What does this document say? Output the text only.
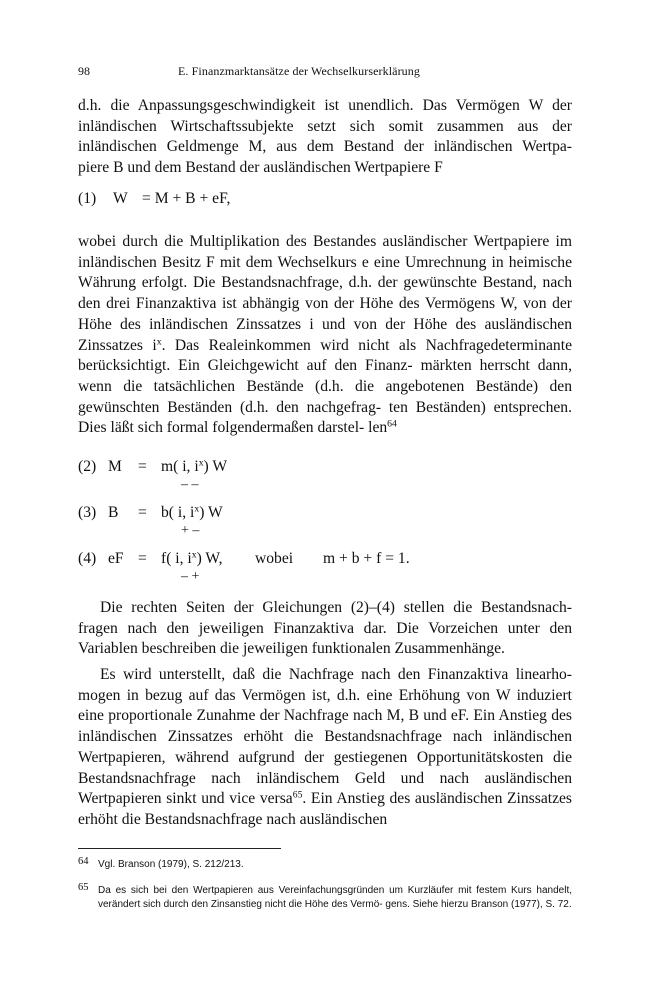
98	E. Finanzmarktansätze der Wechselkurserklärung
d.h. die Anpassungsgeschwindigkeit ist unendlich. Das Vermögen W der
inländischen Wirtschaftssubjekte setzt sich somit zusammen aus der
inländischen Geldmenge M, aus dem Bestand der inländischen Wertpa-
piere B und dem Bestand der ausländischen Wertpapiere F
(1) W = M + B + eF,

wobei durch die Multiplikation des Bestandes ausländischer Wertpapiere im inländischen Besitz F mit dem Wechselkurs e eine Umrechnung in heimische Währung erfolgt. Die Bestandsnachfrage, d.h. der gewünschte Bestand, nach den drei Finanzaktiva ist abhängig von der Höhe des Vermögens W, von der Höhe des inländischen Zinssatzes i und von der Höhe des ausländischen Zinssatzes $i^x$. Das Realeinkommen wird nicht als Nachfragedeterminante berücksichtigt. Ein Gleichgewicht auf den Finanz- märkten herrscht dann, wenn die tatsächlichen Bestände (d.h. die angebotenen Bestände) den gewünschten Beständen (d.h. den nachgefrag- ten Beständen) entsprechen. Dies läßt sich formal folgendermaßen darstel- len$^{64}$

(2) M = m( i, $i^x$) W
– –
(3) B = b( i, $i^x$) W
+ –
(4) eF = f( i, $i^x$) W, wobei m + b + f = 1.
– +

Die rechten Seiten der Gleichungen (2)–(4) stellen die Bestandsnach- fragen nach den jeweiligen Finanzaktiva dar. Die Vorzeichen unter den Variablen beschreiben die jeweiligen funktionalen Zusammenhänge.

Es wird unterstellt, daß die Nachfrage nach den Finanzaktiva linearho- mogen in bezug auf das Vermögen ist, d.h. eine Erhöhung von W induziert eine proportionale Zunahme der Nachfrage nach M, B und eF. Ein Anstieg des inländischen Zinssatzes erhöht die Bestandsnachfrage nach inländischen Wertpapieren, während aufgrund der gestiegenen Opportunitätskosten die Bestandsnachfrage nach inländischem Geld und nach ausländischen Wertpapieren sinkt und vice versa$^{65}$. Ein Anstieg des ausländischen Zinssatzes erhöht die Bestandsnachfrage nach ausländischen

64 Vgl. Branson (1979), S. 212/213.
65 Da es sich bei den Wertpapieren aus Vereinfachungsgründen um Kurzläufer mit festem Kurs handelt, verändert sich durch den Zinsanstieg nicht die Höhe des Vermö- gens. Siehe hierzu Branson (1977), S. 72.
